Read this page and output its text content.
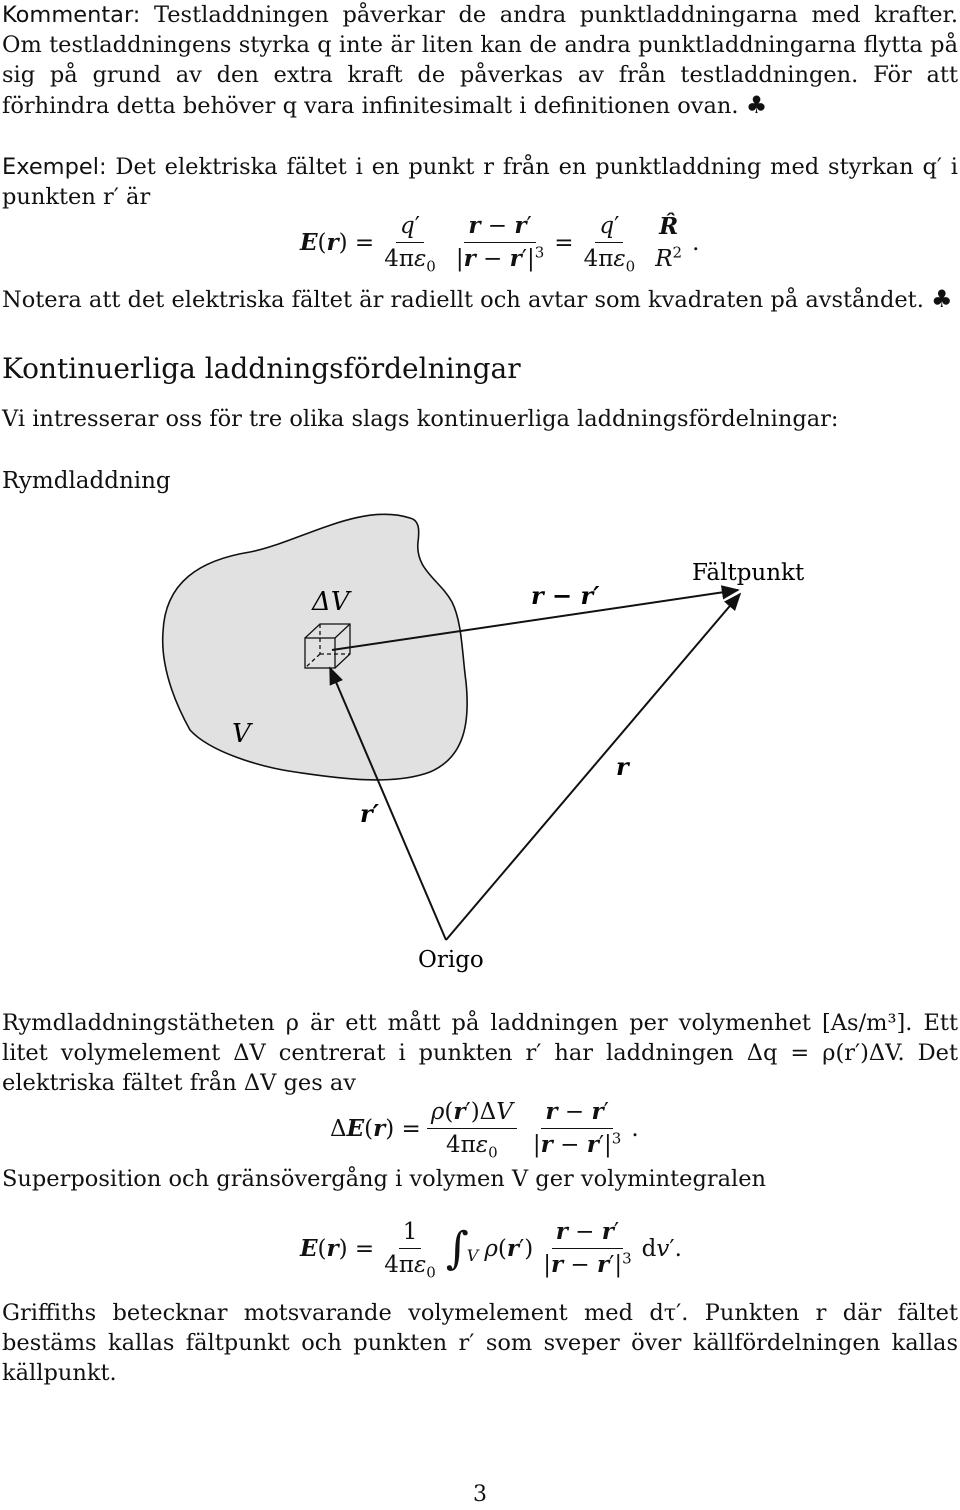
Kommentar: Testladdningen påverkar de andra punktladdningarna med krafter. Om testladdningens styrka q inte är liten kan de andra punktladdningarna flytta på sig på grund av den extra kraft de påverkas av från testladdningen. För att förhindra detta behöver q vara infinitesimalt i definitionen ovan. ♣

Exempel: Det elektriska fältet i en punkt r från en punktladdning med styrkan q′ i punkten r′ är

$E(r) = \frac{q'}{4\pi\varepsilon_0} \frac{r - r'}{|r - r'|^3} = \frac{q'}{4\pi\varepsilon_0}$ R̂
$R^2$ .

Notera att det elektriska fältet är radiellt och avtar som kvadraten på avståndet. ♣

Kontinuerliga laddningsfördelningar

Vi intresserar oss för tre olika slags kontinuerliga laddningsfördelningar:

Rymdladdning
ΔV
V
r − r′
Fältpunkt
r
r′
Origo

Rymdladdningstätheten ρ är ett mått på laddningen per volymenhet [As/m³]. Ett litet volymelement ΔV centrerat i punkten r′ har laddningen Δq = ρ(r′)ΔV. Det elektriska fältet från ΔV ges av

$\Delta E(r) = \frac{\rho(r')\Delta V}{4\pi\varepsilon_0} \frac{r - r'}{|r - r'|^3}$ .

Superposition och gränsövergång i volymen V ger volymintegralen

$E(r) = \frac{1}{4\pi\varepsilon_0}$ ∫
V $\rho(r') \frac{r - r'}{|r - r'|^3} dv'$.

Griffiths betecknar motsvarande volymelement med dτ′. Punkten r där fältet bestäms kallas fältpunkt och punkten r′ som sveper över källfördelningen kallas källpunkt.

3
